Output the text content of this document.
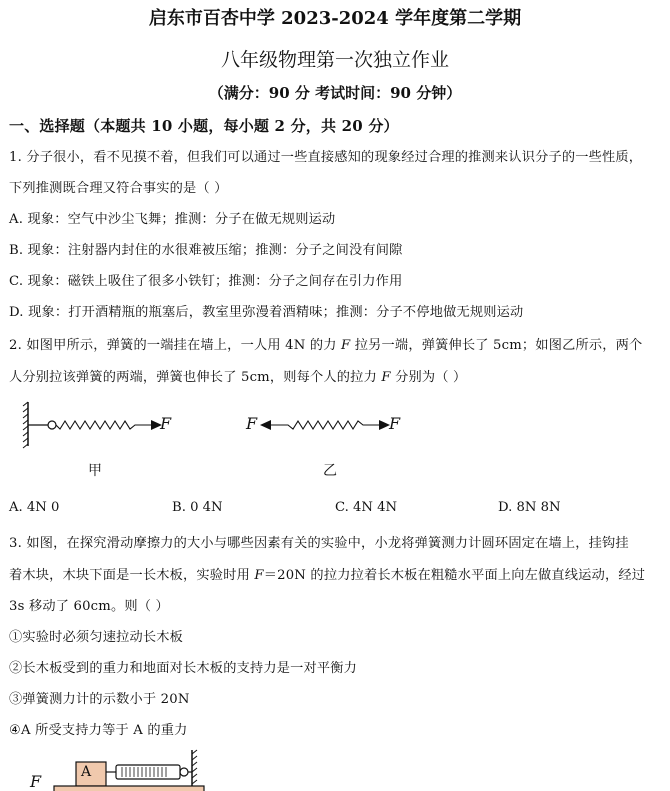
启东市百杏中学 2023-2024 学年度第二学期
八年级物理第一次独立作业
（满分：90 分 考试时间：90 分钟）
一、选择题（本题共 10 小题，每小题 2 分，共 20 分）
1. 分子很小，看不见摸不着，但我们可以通过一些直接感知的现象经过合理的推测来认识分子的一些性质，
下列推测既合理又符合事实的是（ ）
A. 现象：空气中沙尘飞舞；推测：分子在做无规则运动
B. 现象：注射器内封住的水很难被压缩；推测：分子之间没有间隙
C. 现象：磁铁上吸住了很多小铁钉；推测：分子之间存在引力作用
D. 现象：打开酒精瓶的瓶塞后，教室里弥漫着酒精味；推测：分子不停地做无规则运动
2. 如图甲所示，弹簧的一端挂在墙上，一人用 4N 的力 F 拉另一端，弹簧伸长了 5cm；如图乙所示，两个
人分别拉该弹簧的两端，弹簧也伸长了 5cm，则每个人的拉力 F 分别为（ ）
F
甲
F	F
乙
A. 4N 0	B. 0 4N	C. 4N 4N	D. 8N 8N
3. 如图，在探究滑动摩擦力的大小与哪些因素有关的实验中，小龙将弹簧测力计圆环固定在墙上，挂钩挂
着木块，木块下面是一长木板，实验时用 F＝20N 的拉力拉着长木板在粗糙水平面上向左做直线运动，经过
3s 移动了 60cm。则（ ）
①实验时必须匀速拉动长木板
②长木板受到的重力和地面对长木板的支持力是一对平衡力
③弹簧测力计的示数小于 20N
④A 所受支持力等于 A 的重力
A
F
